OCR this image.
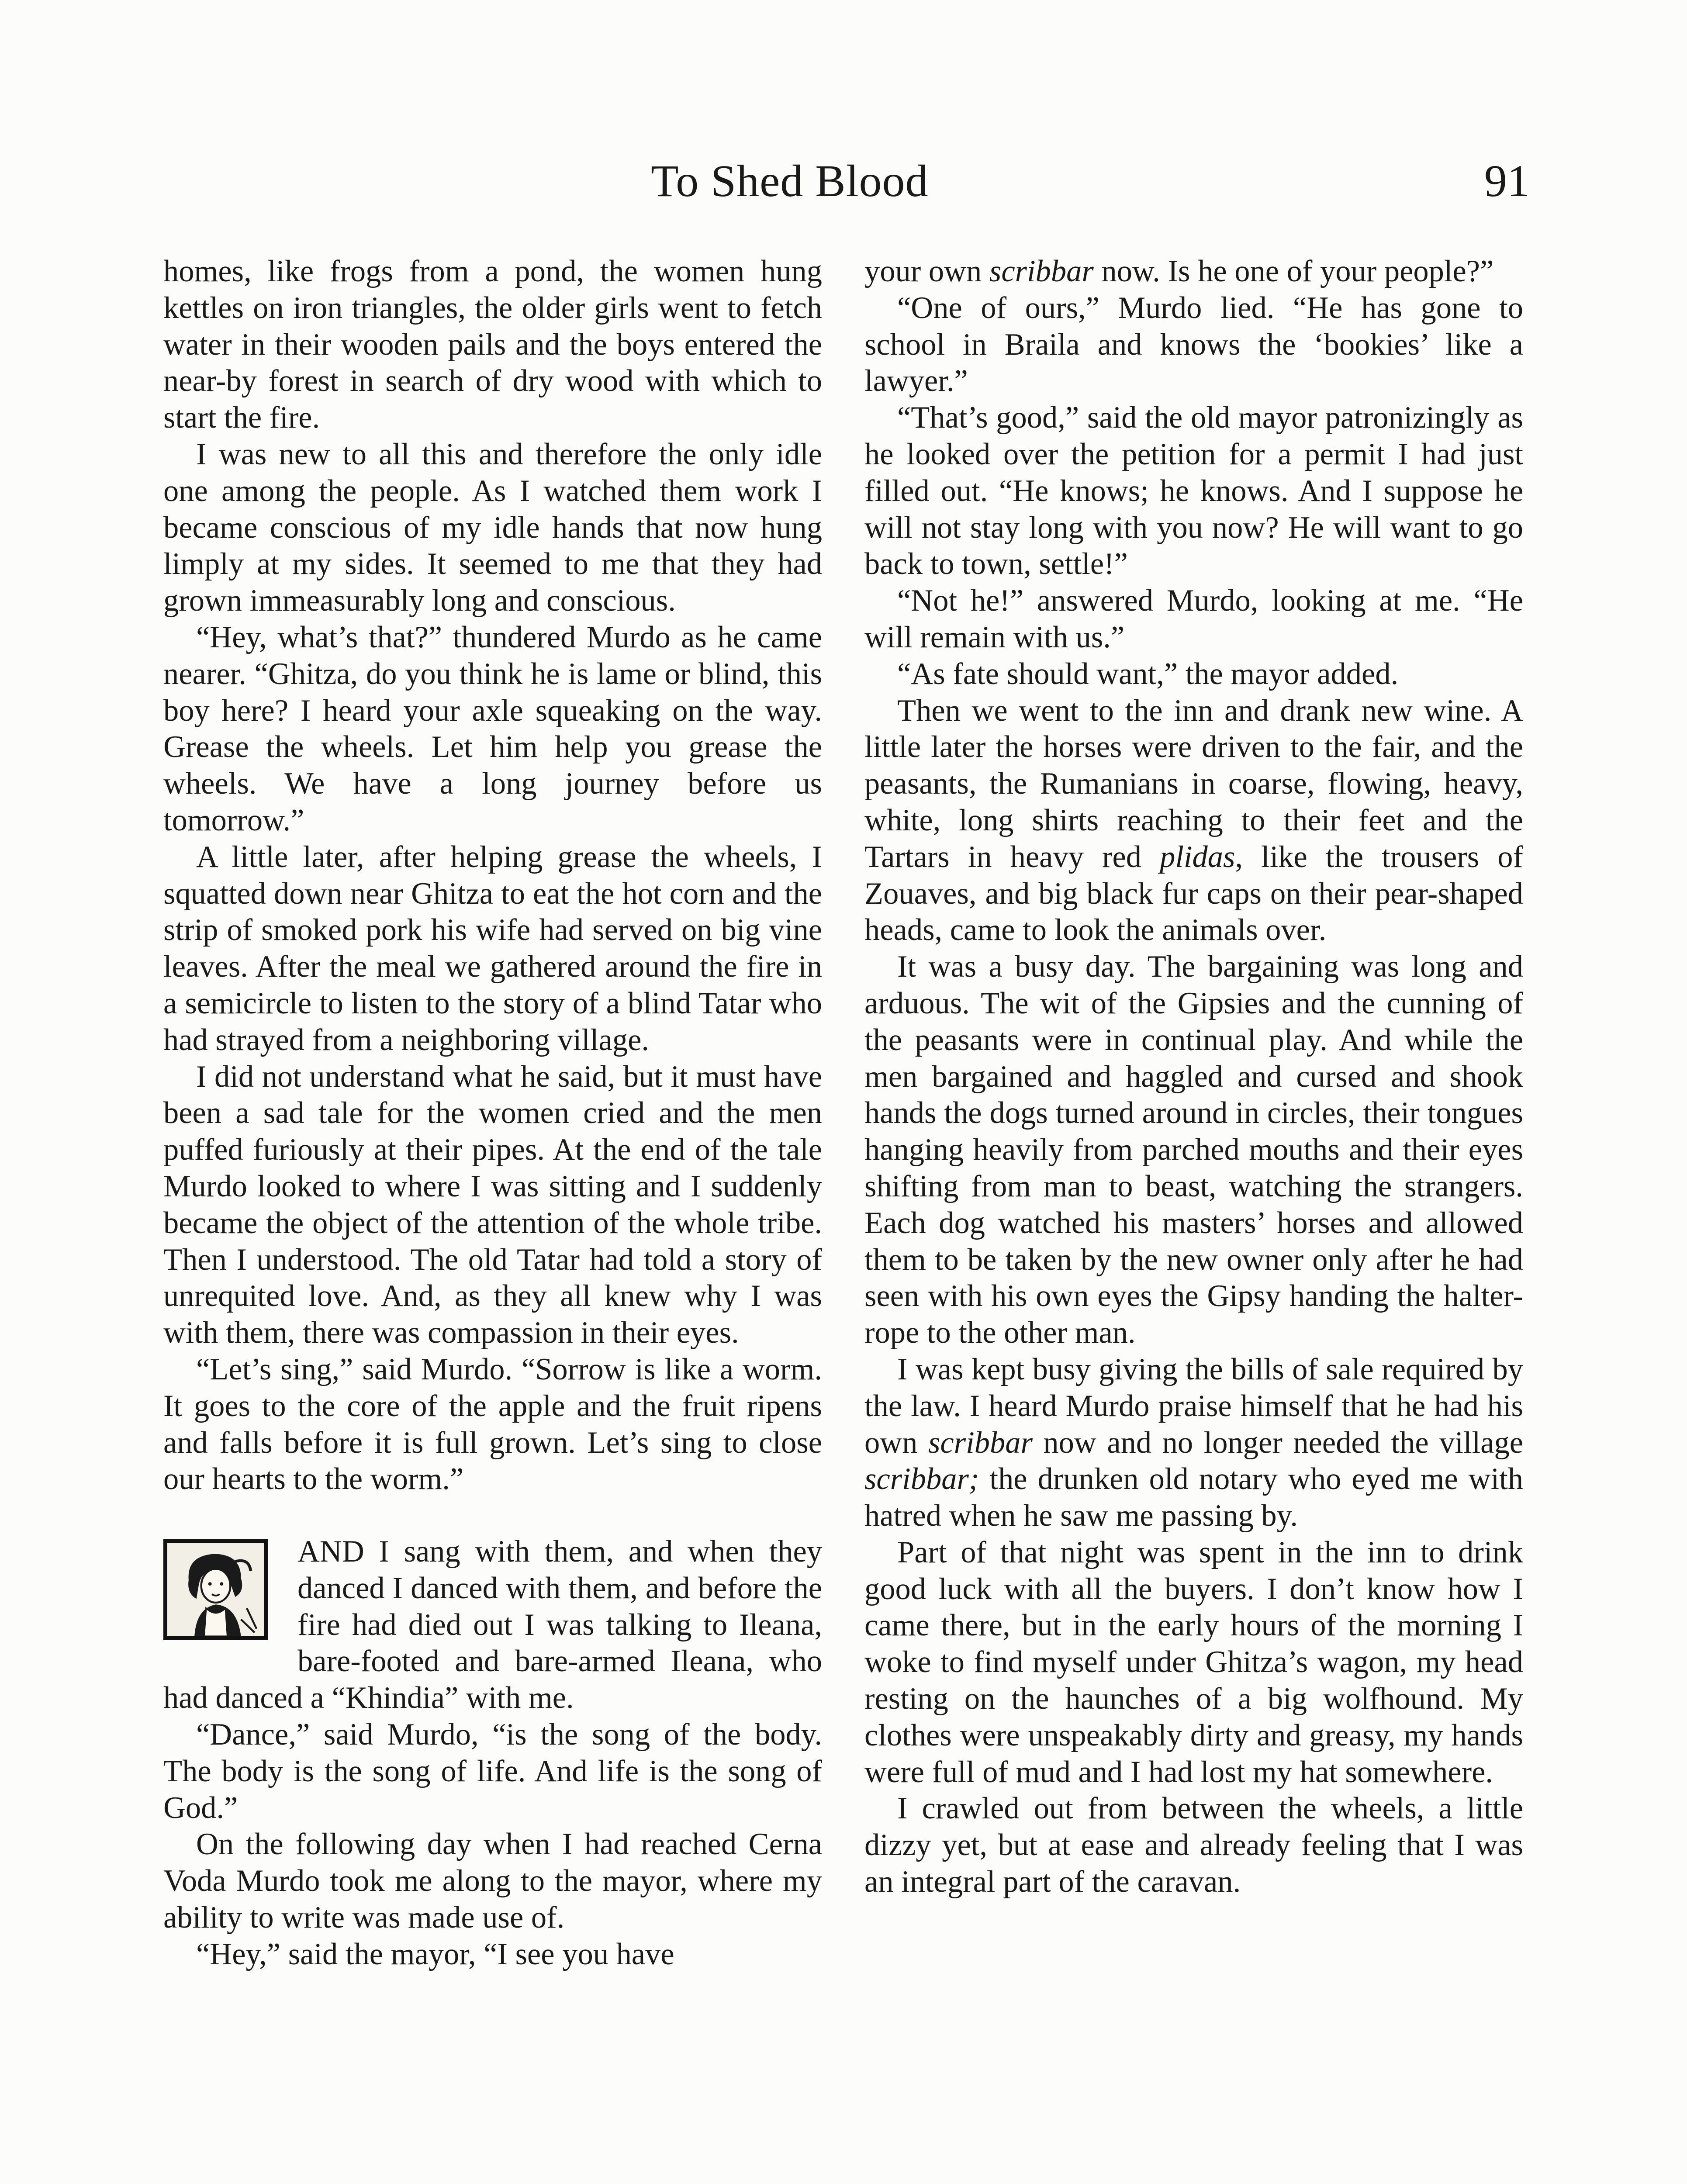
To Shed Blood	91

homes, like frogs from a pond, the women hung kettles on iron triangles, the older girls went to fetch water in their wooden pails and the boys entered the near-by forest in search of dry wood with which to start the fire.

I was new to all this and therefore the only idle one among the people. As I watched them work I became conscious of my idle hands that now hung limply at my sides. It seemed to me that they had grown immeasurably long and conscious.

“Hey, what’s that?” thundered Murdo as he came nearer. “Ghitza, do you think he is lame or blind, this boy here? I heard your axle squeaking on the way. Grease the wheels. Let him help you grease the wheels. We have a long journey before us tomorrow.”

A little later, after helping grease the wheels, I squatted down near Ghitza to eat the hot corn and the strip of smoked pork his wife had served on big vine leaves. After the meal we gathered around the fire in a semicircle to listen to the story of a blind Tatar who had strayed from a neighboring village.

I did not understand what he said, but it must have been a sad tale for the women cried and the men puffed furiously at their pipes. At the end of the tale Murdo looked to where I was sitting and I suddenly became the object of the attention of the whole tribe. Then I understood. The old Tatar had told a story of unrequited love. And, as they all knew why I was with them, there was compassion in their eyes.

“Let’s sing,” said Murdo. “Sorrow is like a worm. It goes to the core of the apple and the fruit ripens and falls before it is full grown. Let’s sing to close our hearts to the worm.”

AND I sang with them, and when they danced I danced with them, and before the fire had died out I was talking to Ileana, bare-footed and bare-armed Ileana, who had danced a “Khindia” with me.

“Dance,” said Murdo, “is the song of the body. The body is the song of life. And life is the song of God.”

On the following day when I had reached Cerna Voda Murdo took me along to the mayor, where my ability to write was made use of.

“Hey,” said the mayor, “I see you have

your own scribbar now. Is he one of your people?”

“One of ours,” Murdo lied. “He has gone to school in Braila and knows the ‘bookies’ like a lawyer.”

“That’s good,” said the old mayor patronizingly as he looked over the petition for a permit I had just filled out. “He knows; he knows. And I suppose he will not stay long with you now? He will want to go back to town, settle!”

“Not he!” answered Murdo, looking at me. “He will remain with us.”

“As fate should want,” the mayor added.

Then we went to the inn and drank new wine. A little later the horses were driven to the fair, and the peasants, the Rumanians in coarse, flowing, heavy, white, long shirts reaching to their feet and the Tartars in heavy red plidas, like the trousers of Zouaves, and big black fur caps on their pear-shaped heads, came to look the animals over.

It was a busy day. The bargaining was long and arduous. The wit of the Gipsies and the cunning of the peasants were in continual play. And while the men bargained and haggled and cursed and shook hands the dogs turned around in circles, their tongues hanging heavily from parched mouths and their eyes shifting from man to beast, watching the strangers. Each dog watched his masters’ horses and allowed them to be taken by the new owner only after he had seen with his own eyes the Gipsy handing the halter-rope to the other man.

I was kept busy giving the bills of sale required by the law. I heard Murdo praise himself that he had his own scribbar now and no longer needed the village scribbar; the drunken old notary who eyed me with hatred when he saw me passing by.

Part of that night was spent in the inn to drink good luck with all the buyers. I don’t know how I came there, but in the early hours of the morning I woke to find myself under Ghitza’s wagon, my head resting on the haunches of a big wolfhound. My clothes were unspeakably dirty and greasy, my hands were full of mud and I had lost my hat somewhere.

I crawled out from between the wheels, a little dizzy yet, but at ease and already feeling that I was an integral part of the caravan.
